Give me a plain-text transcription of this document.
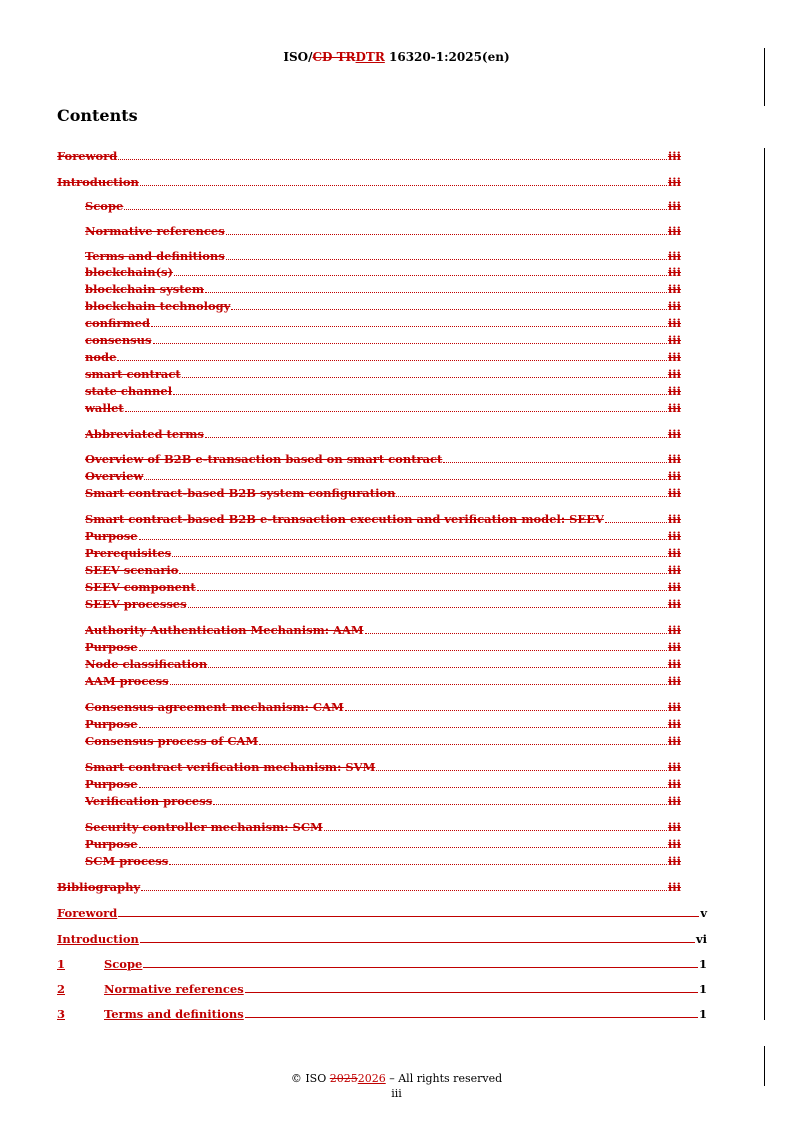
ISO/CD TRDTR 16320-1:2025(en)
Contents
Foreword	iii
Introduction	iii
Scope	iii
Normative references	iii
Terms and definitions	iii
blockchain(s)	iii
blockchain system	iii
blockchain technology	iii
confirmed	iii
consensus	iii
node	iii
smart contract	iii
state channel	iii
wallet	iii
Abbreviated terms	iii
Overview of B2B e-transaction based on smart contract	iii
Overview	iii
Smart contract-based B2B system configuration	iii
Smart contract-based B2B e-transaction execution and verification model: SEEV	iii
Purpose	iii
Prerequisites	iii
SEEV scenario	iii
SEEV component	iii
SEEV processes	iii
Authority Authentication Mechanism: AAM	iii
Purpose	iii
Node classification	iii
AAM process	iii
Consensus agreement mechanism: CAM	iii
Purpose	iii
Consensus process of CAM	iii
Smart contract verification mechanism: SVM	iii
Purpose	iii
Verification process	iii
Security controller mechanism: SCM	iii
Purpose	iii
SCM process	iii
Bibliography	iii
Foreword	v
Introduction	vi
1	Scope	1
2	Normative references	1
3	Terms and definitions	1
© ISO 20252026 – All rights reserved
iii
